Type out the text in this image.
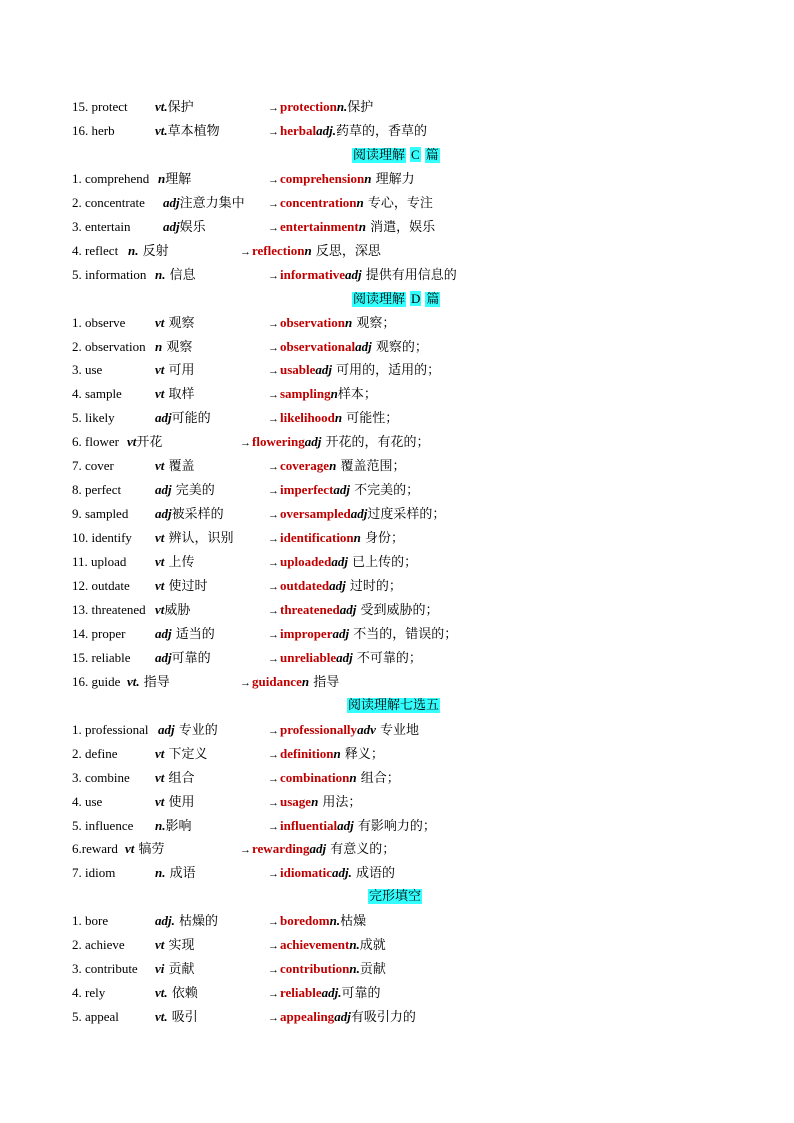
15. protect vt.保护	→protectionn.保护
16. herb	vt.草本植物	→herbaladj.药草的，香草的
阅读理解 C 篇
1. comprehend n理解	→comprehensionn 理解力
2. concentrate adj注意力集中 →concentrationn 专心，专注
3. entertain	adj娱乐	→entertainmentn 消遣，娱乐
4. reflect n. 反射	→reflectionn 反思，深思
5. information n. 信息	→informativeadj 提供有用信息的
阅读理解 D 篇
1. observe vt 观察	→observationn 观察；
2. observation n 观察	→observationaladj 观察的；
3. use	vt 可用	→usableadj 可用的，适用的；
4. sample	vt 取样	→samplingn样本；
5. likely	adj可能的	→likelihoodn 可能性；
6. flower vt开花	→floweringadj 开花的，有花的；
7. cover	vt 覆盖	→coveragen 覆盖范围；
8. perfect	adj 完美的	→imperfectadj 不完美的；
9. sampled adj被采样的	→oversampledadj过度采样的；
10. identify vt 辨认，识别	→identificationn 身份；
11. upload vt 上传	→uploadedadj 已上传的；
12. outdate vt 使过时	→outdatedadj 过时的；
13. threatened vt威胁	→threatenedadj 受到威胁的；
14. proper adj 适当的	→improperadj 不当的，错误的；
15. reliable adj可靠的	→unreliableadj 不可靠的；
16. guide vt. 指导	→guidancen 指导
阅读理解七选五
1. professional adj 专业的	→professionallyadv 专业地
2. define	vt 下定义	→definitionn 释义；
3. combine vt 组合	→combinationn 组合；
4. use	vt 使用	→usagen 用法；
5. influence n.影响	→influentialadj 有影响力的；
6.reward vt 犒劳	→rewardingadj 有意义的；
7. idiom	n. 成语	→idiomaticadj. 成语的
完形填空
1. bore	adj. 枯燥的	→boredomn.枯燥
2. achieve vt 实现	→achievementn.成就
3. contribute vi 贡献	→contributionn.贡献
4. rely	vt. 依赖	→reliableadj.可靠的
5. appeal	vt. 吸引	→appealingadj有吸引力的
